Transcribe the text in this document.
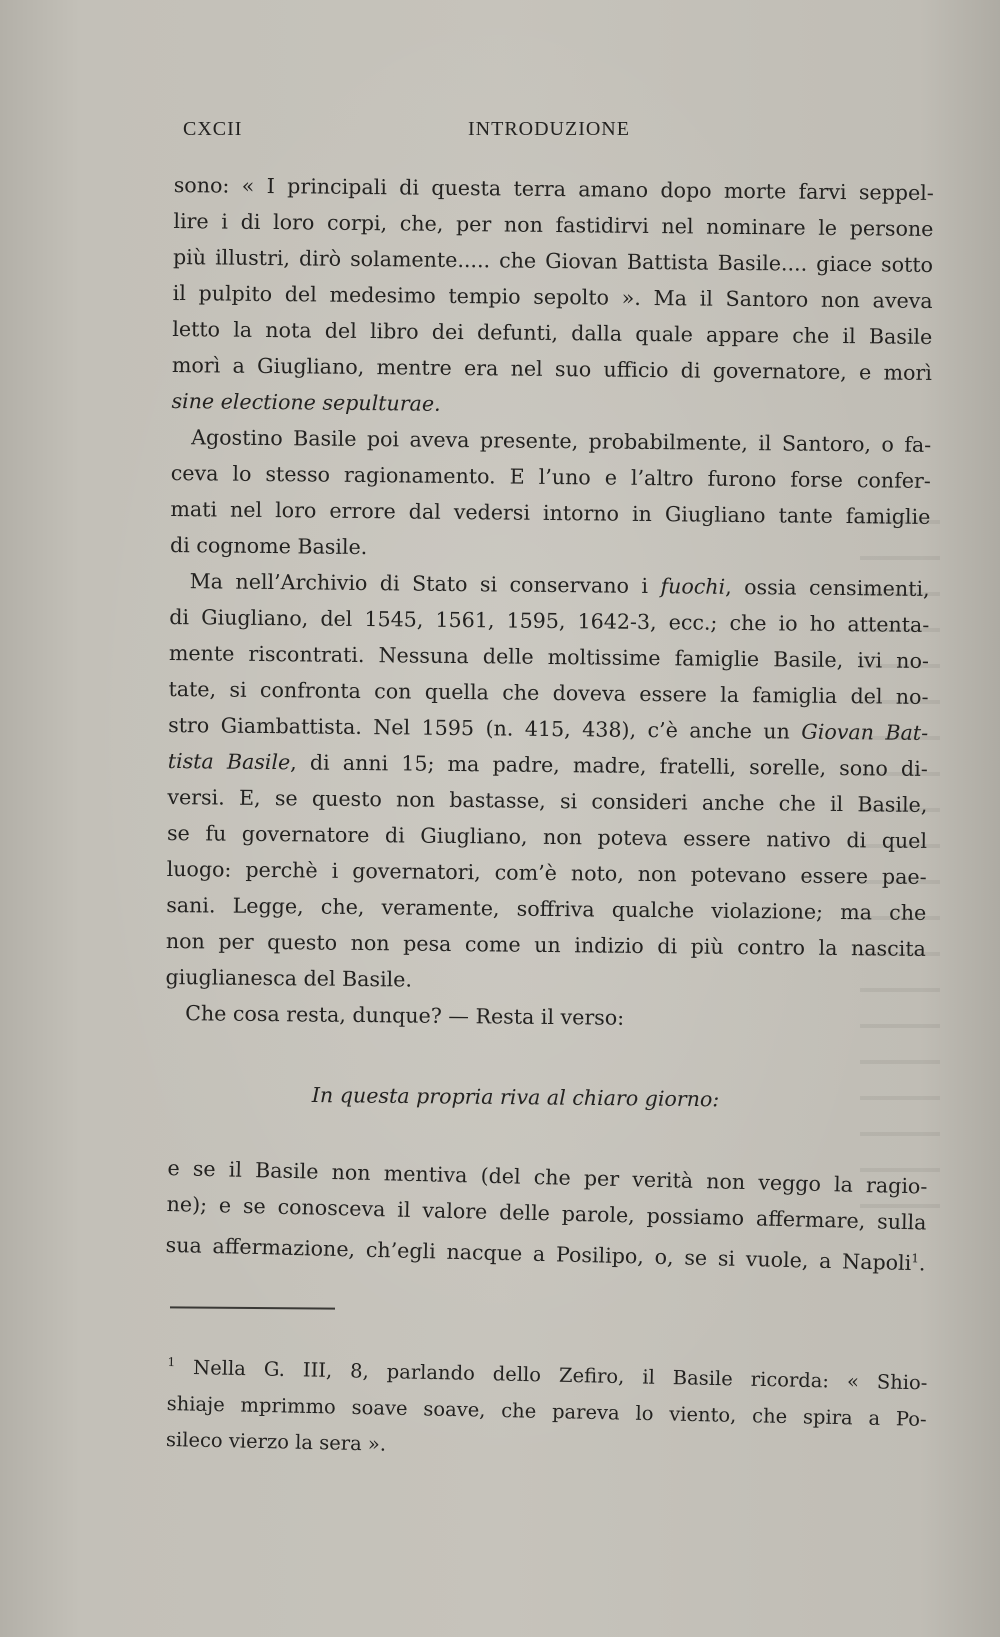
CXCII	INTRODUZIONE
sono: « I principali di questa terra amano dopo morte farvi seppel-
lire i di loro corpi, che, per non fastidirvi nel nominare le persone
più illustri, dirò solamente..... che Giovan Battista Basile.... giace sotto
il pulpito del medesimo tempio sepolto ». Ma il Santoro non aveva
letto la nota del libro dei defunti, dalla quale appare che il Basile
morì a Giugliano, mentre era nel suo ufficio di governatore, e morì
sine electione sepulturae.
Agostino Basile poi aveva presente, probabilmente, il Santoro, o fa-
ceva lo stesso ragionamento. E l’uno e l’altro furono forse confer-
mati nel loro errore dal vedersi intorno in Giugliano tante famiglie
di cognome Basile.
Ma nell’Archivio di Stato si conservano i fuochi, ossia censimenti,
di Giugliano, del 1545, 1561, 1595, 1642-3, ecc.; che io ho attenta-
mente riscontrati. Nessuna delle moltissime famiglie Basile, ivi no-
tate, si confronta con quella che doveva essere la famiglia del no-
stro Giambattista. Nel 1595 (n. 415, 438), c’è anche un Giovan Bat-
tista Basile, di anni 15; ma padre, madre, fratelli, sorelle, sono di-
versi. E, se questo non bastasse, si consideri anche che il Basile,
se fu governatore di Giugliano, non poteva essere nativo di quel
luogo: perchè i governatori, com’è noto, non potevano essere pae-
sani. Legge, che, veramente, soffriva qualche violazione; ma che
non per questo non pesa come un indizio di più contro la nascita
giuglianesca del Basile.
Che cosa resta, dunque? — Resta il verso:
In questa propria riva al chiaro giorno:
e se il Basile non mentiva (del che per verità non veggo la ragio-
ne); e se conosceva il valore delle parole, possiamo affermare, sulla
sua affermazione, ch’egli nacque a Posilipo, o, se si vuole, a Napoli$^1$.
$^1$ Nella G. III, 8, parlando dello Zefiro, il Basile ricorda: « Shio-
shiaje mprimmo soave soave, che pareva lo viento, che spira a Po-
sileco vierzo la sera ».
